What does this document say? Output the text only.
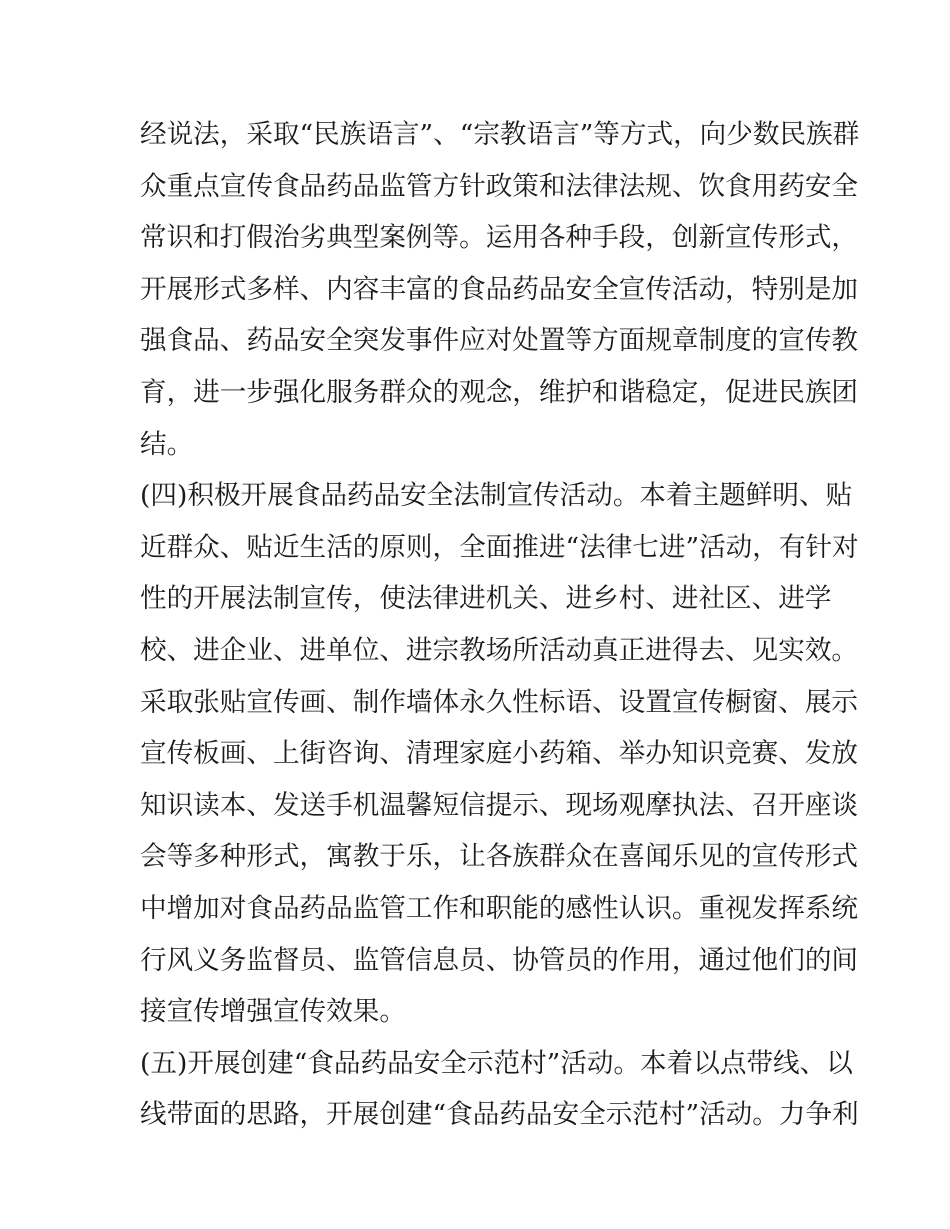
经说法，采取“民族语言”、“宗教语言”等方式，向少数民族群
众重点宣传食品药品监管方针政策和法律法规、饮食用药安全
常识和打假治劣典型案例等。运用各种手段，创新宣传形式，
开展形式多样、内容丰富的食品药品安全宣传活动，特别是加
强食品、药品安全突发事件应对处置等方面规章制度的宣传教
育，进一步强化服务群众的观念，维护和谐稳定，促进民族团
结。
(四)积极开展食品药品安全法制宣传活动。本着主题鲜明、贴
近群众、贴近生活的原则，全面推进“法律七进”活动，有针对
性的开展法制宣传，使法律进机关、进乡村、进社区、进学
校、进企业、进单位、进宗教场所活动真正进得去、见实效。
采取张贴宣传画、制作墙体永久性标语、设置宣传橱窗、展示
宣传板画、上街咨询、清理家庭小药箱、举办知识竞赛、发放
知识读本、发送手机温馨短信提示、现场观摩执法、召开座谈
会等多种形式，寓教于乐，让各族群众在喜闻乐见的宣传形式
中增加对食品药品监管工作和职能的感性认识。重视发挥系统
行风义务监督员、监管信息员、协管员的作用，通过他们的间
接宣传增强宣传效果。
(五)开展创建“食品药品安全示范村”活动。本着以点带线、以
线带面的思路，开展创建“食品药品安全示范村”活动。力争利
